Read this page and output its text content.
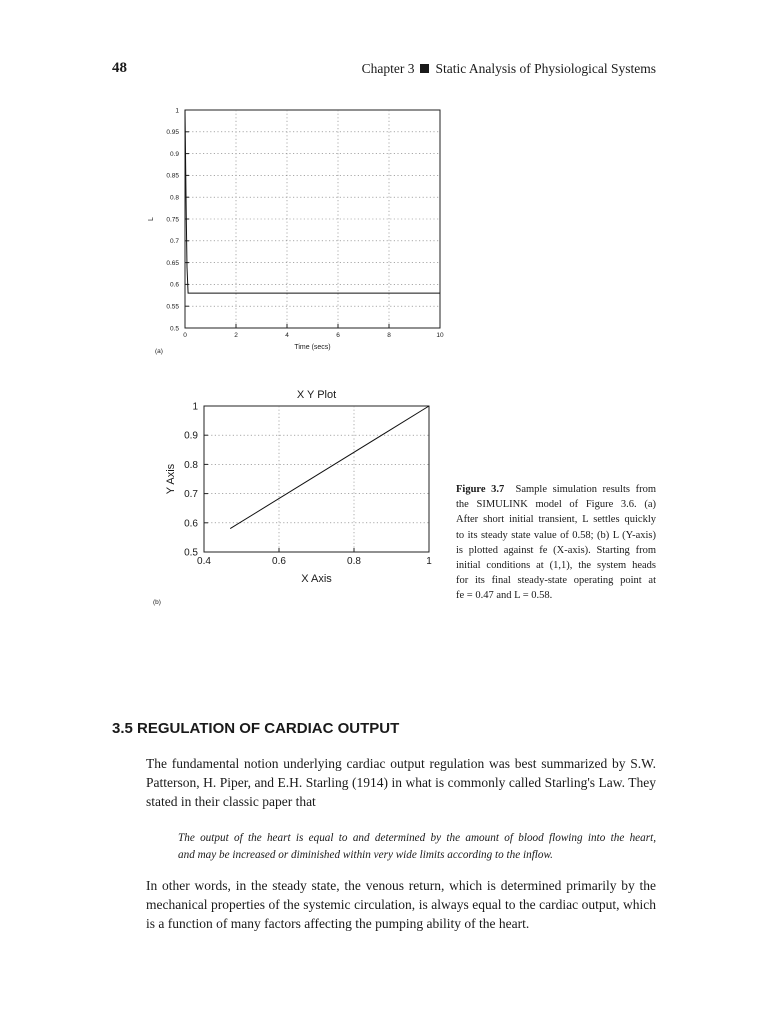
48	Chapter 3 Static Analysis of Physiological Systems
0	2	4	6	8	10
0.5
0.55
0.6
0.65
0.7
0.75
0.8
0.85
0.9
0.95
1
Time (secs)
L
(a)
0.4	0.6	0.8	1
0.5
0.6
0.7
0.8
0.9
1
X Y Plot
X Axis
Y Axis
(b)
Figure 3.7 Sample simulation results from
the SIMULINK model of Figure 3.6. (a)
After short initial transient, L settles quickly
to its steady state value of 0.58; (b) L (Y-axis)
is plotted against fe (X-axis). Starting from
initial conditions at (1,1), the system heads
for its final steady-state operating point at
fe = 0.47 and L = 0.58.
3.5 REGULATION OF CARDIAC OUTPUT
The fundamental notion underlying cardiac output regulation was best summarized by S.W.
Patterson, H. Piper, and E.H. Starling (1914) in what is commonly called Starling's Law. They
stated in their classic paper that
The output of the heart is equal to and determined by the amount of blood flowing into the heart,
and may be increased or diminished within very wide limits according to the inflow.
In other words, in the steady state, the venous return, which is determined primarily by the
mechanical properties of the systemic circulation, is always equal to the cardiac output, which
is a function of many factors affecting the pumping ability of the heart.
